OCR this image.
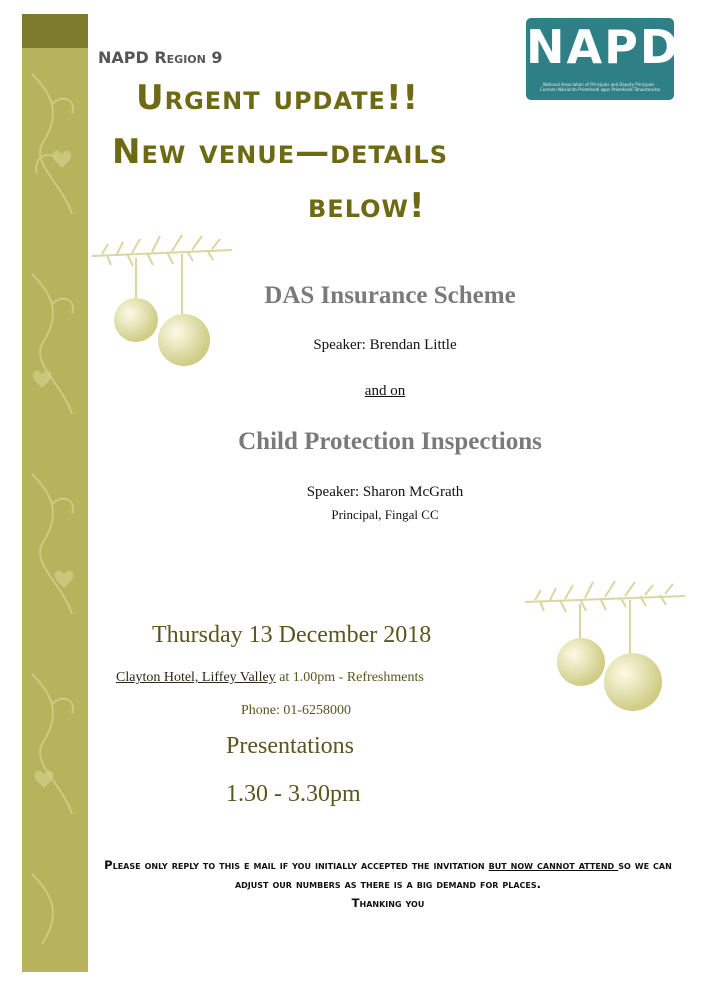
NAPD
National Association of Principals and Deputy Principals · Cumann Náisiúnta Príomhoidí agus Príomhoidí Tánaisteacha
NAPD Region 9
Urgent update!!
New venue—details
below!
DAS Insurance Scheme
Speaker: Brendan Little
and on
Child Protection Inspections
Speaker: Sharon McGrath
Principal, Fingal CC
Thursday 13 December 2018
Clayton Hotel, Liffey Valley at 1.00pm - Refreshments
Phone: 01-6258000
Presentations
1.30 - 3.30pm
Please only reply to this e mail if you initially accepted the invitation but now cannot attend so we can adjust our numbers as there is a big demand for places.
Thanking you
